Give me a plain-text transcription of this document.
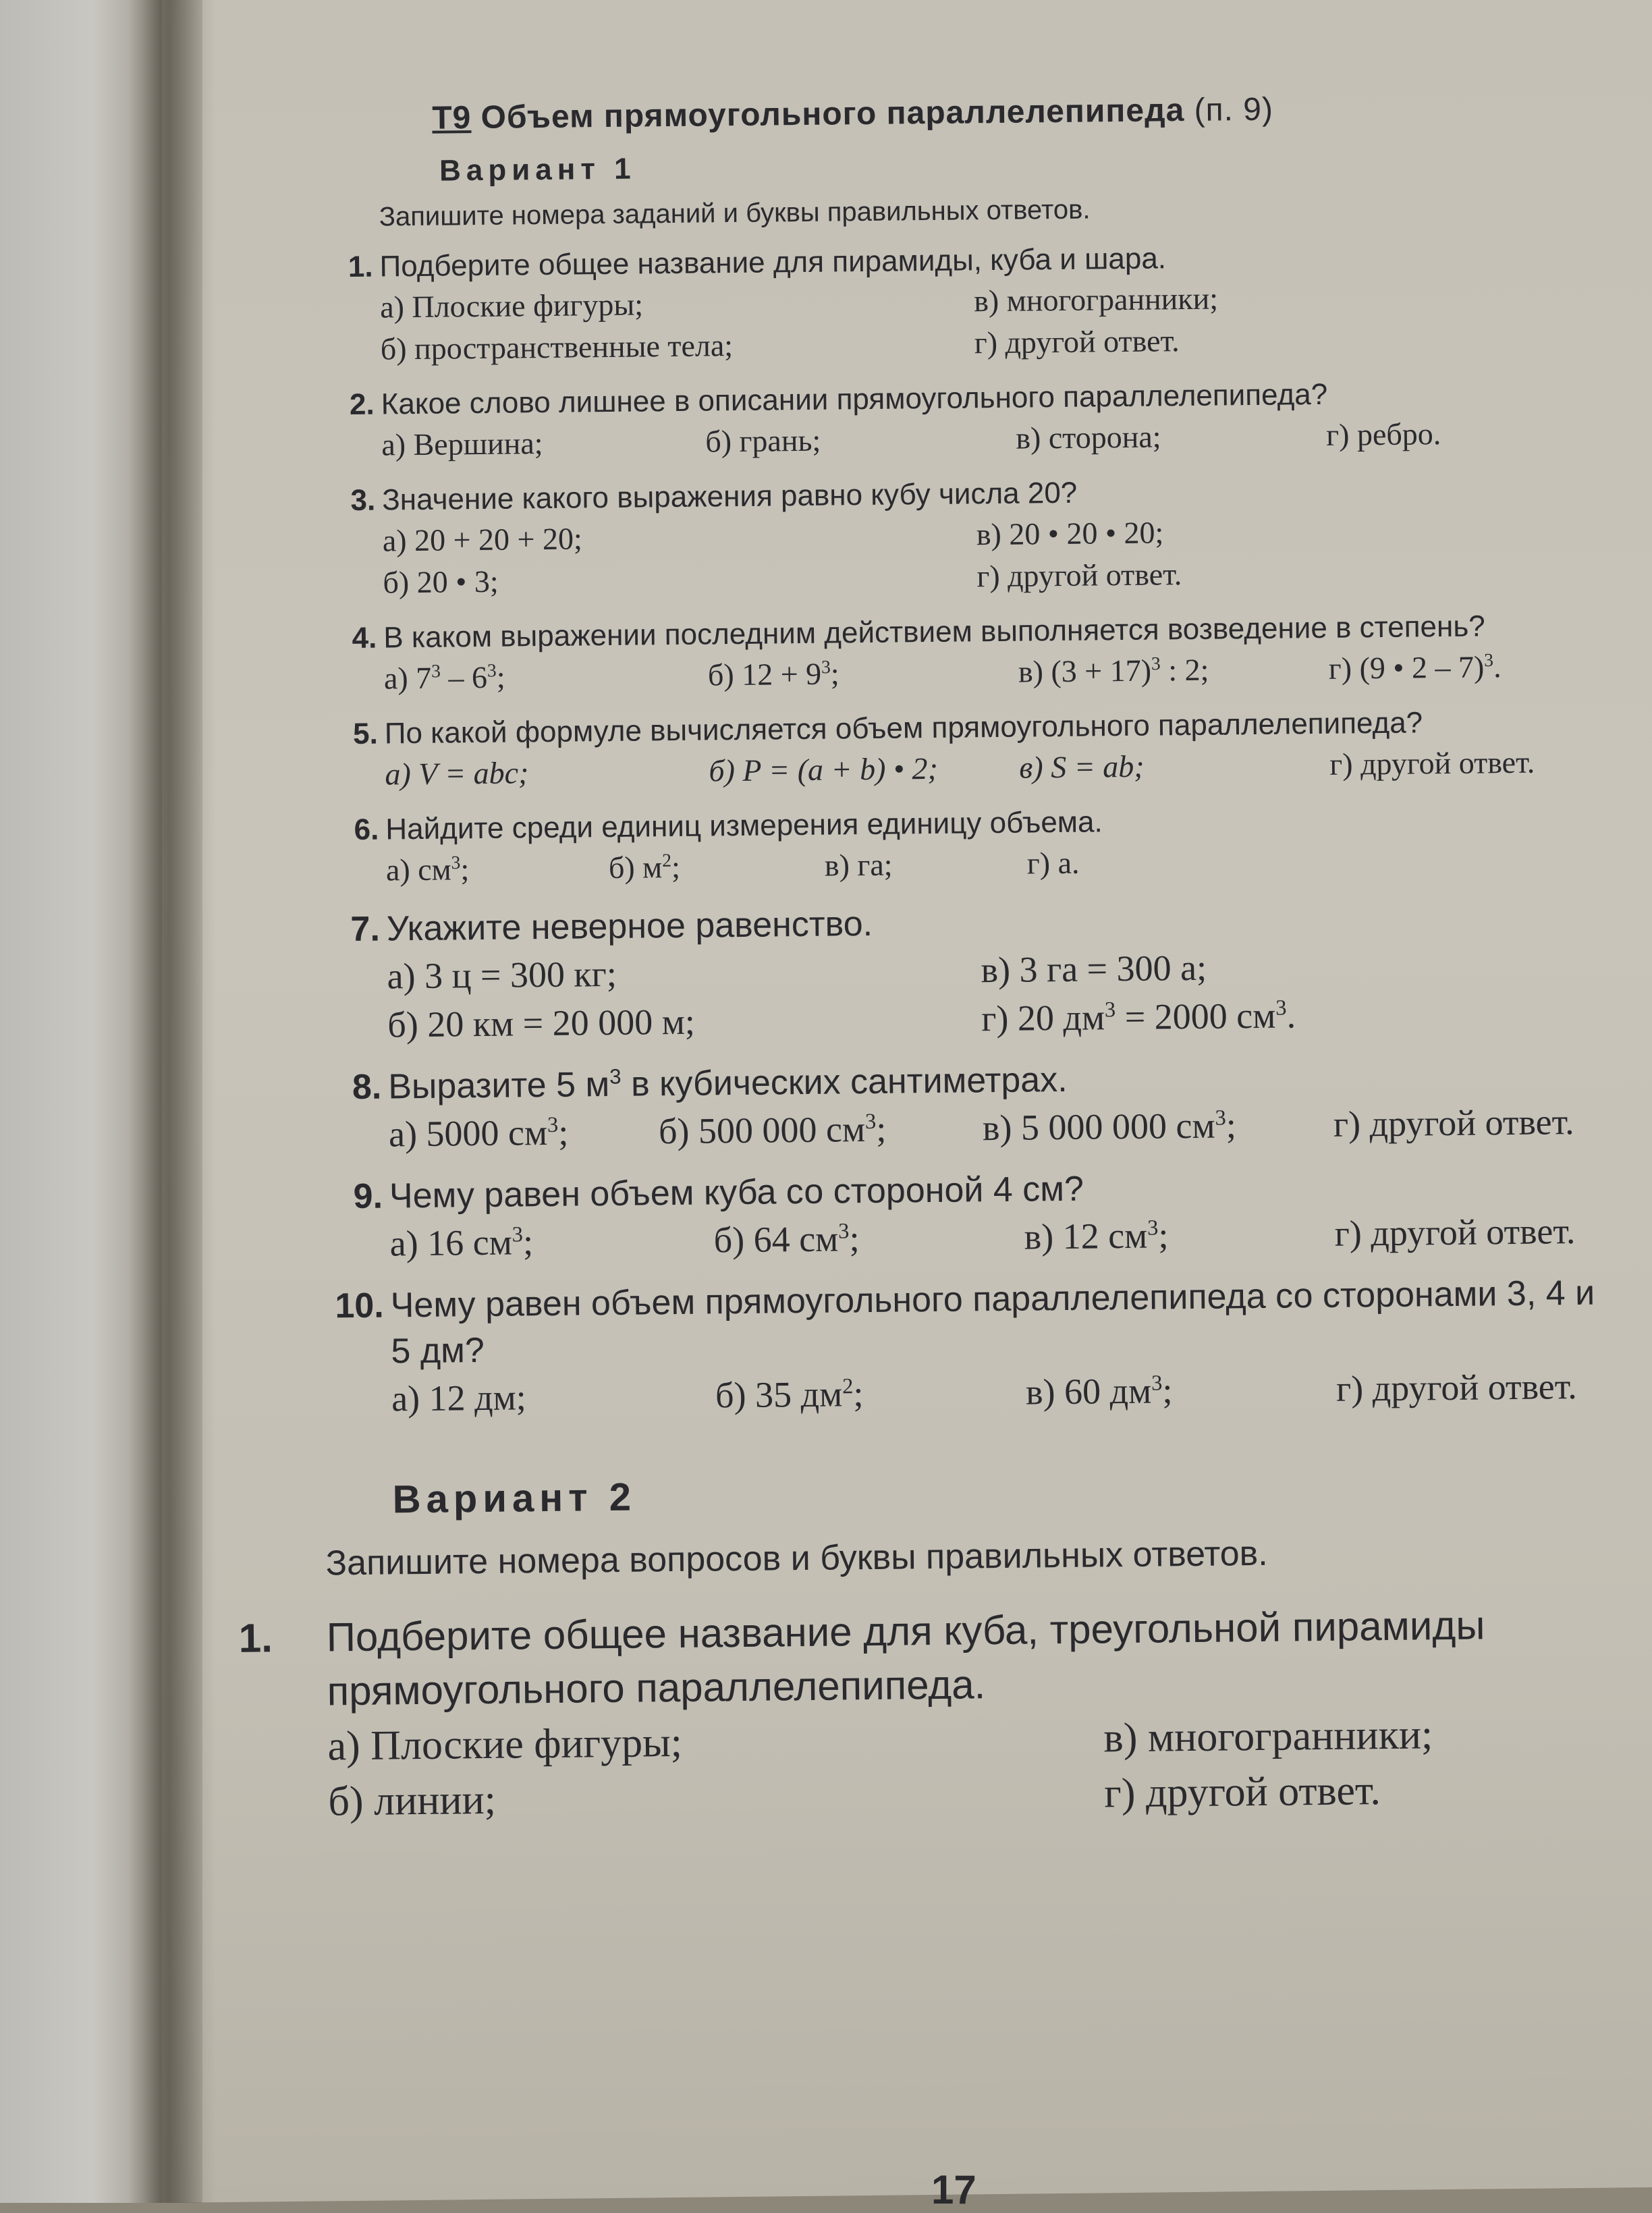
Т9 Объем прямоугольного параллелепипеда (п. 9)
Вариант 1
Запишите номера заданий и буквы правильных ответов.
1. Подберите общее название для пирамиды, куба и шара.
а) Плоские фигуры;	в) многогранники;
б) пространственные тела;	г) другой ответ.
2. Какое слово лишнее в описании прямоугольного параллелепипеда?
а) Вершина;	б) грань;	в) сторона;	г) ребро.
3. Значение какого выражения равно кубу числа 20?
а) 20 + 20 + 20;	в) 20 • 20 • 20;
б) 20 • 3;	г) другой ответ.
4. В каком выражении последним действием выполняется возведение в степень?
а) $7^3 - 6^3$;	б) $12 + 9^3$;	в) $(3 + 17)^3$ : 2;	г) (9 • 2 – 7)$^3$.
5. По какой формуле вычисляется объем прямоугольного параллелепипеда?
а) V = abc;	б) P = (a + b) • 2;	в) S = ab;	г) другой ответ.
6. Найдите среди единиц измерения единицу объема.
а) $см^3$;	б) $м^2$;	в) га;	г) а.
7. Укажите неверное равенство.
а) 3 ц = 300 кг;	в) 3 га = 300 а;
б) 20 км = 20 000 м;	г) 20 $дм^3 = 2000$ $см^3$.
8. Выразите 5 $м^3$ в кубических сантиметрах.
а) 5000 $см^3$;	б) 500 000 $см^3$;	в) 5 000 000 $см^3$;	г) другой ответ.
9. Чему равен объем куба со стороной 4 см?
а) 16 $см^3$;	б) 64 $см^3$;	в) 12 $см^3$;	г) другой ответ.
10. Чему равен объем прямоугольного параллелепипеда со сторонами 3, 4 и 5 дм?
а) 12 дм;	б) 35 $дм^2$;	в) 60 $дм^3$;	г) другой ответ.
Вариант 2
Запишите номера вопросов и буквы правильных ответов.
1. Подберите общее название для куба, треугольной пирамиды
прямоугольного параллелепипеда.
а) Плоские фигуры;	в) многогранники;
б) линии;	г) другой ответ.
17
